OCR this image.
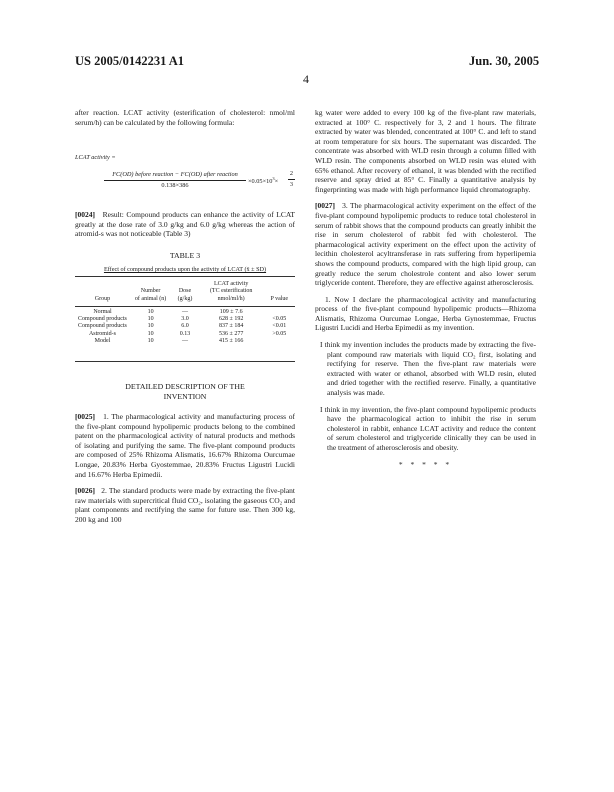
US 2005/0142231 A1	Jun. 30, 2005
4

after reaction. LCAT activity (esterification of cholesterol: nmol/ml serum/h) can be calculated by the following formula:

LCAT activity =
FC(OD) before reaction − FC(OD) after reaction
0.138×386
$\times 0.05\times 10^3\times$
2
3

[0024] Result: Compound products can enhance the activity of LCAT greatly at the dose rate of 3.0 g/kg and 6.0 g/kg whereas the action of atromid-s was not noticeable (Table 3)

TABLE 3
Effect of compound products upon the activity of LCAT (x̄ ± SD)
Group	Number
of animal (n)	Dose
(g/kg)	LCAT activity
(TC esterification
nmol/ml/h)	P value

Normal	10	—	109 ± 7.6	
Compound products	10	3.0	628 ± 192	<0.05
Compound products	10	6.0	837 ± 184	<0.01
Astromid-s	10	0.13	536 ± 277	>0.05
Model	10	—	415 ± 166	

DETAILED DESCRIPTION OF THE

INVENTION

[0025] 1. The pharmacological activity and manufacturing process of the five-plant compound hypolipernic products belong to the combined patent on the pharmacological activity of natural products and methods of isolating and purifying the same. The five-plant compound products are composed of 25% Rhizoma Alismatis, 16.67% Rhizoma Ourcumae Longae, 20.83% Herba Gyostemmae, 20.83% Fructus Ligustri Lucidi and 16.67% Herba Epimedii.

[0026] 2. The standard products were made by extracting the five-plant raw materials with supercritical fluid CO₂, isolating the gaseous CO₂ and plant components and rectifying the same for future use. Then 300 kg, 200 kg and 100

kg water were added to every 100 kg of the five-plant raw materials, extracted at 100° C. respectively for 3, 2 and 1 hours. The filtrate extracted by water was blended, concentrated at 100° C. and left to stand at room temperature for six hours. The supernatant was discarded. The concentrate was absorbed with WLD resin through a column filled with WLD resin. The components absorbed on WLD resin was eluted with 65% ethanol. After recovery of ethanol, it was blended with the rectified reserve and spray dried at 85° C. Finally a quantitative analysis by fingerprinting was made with high performance liquid chromatography.

[0027] 3. The pharmacological activity experiment on the effect of the five-plant compound hypolipemic products to reduce total cholesterol in serum of rabbit shows that the compound products can greatly inhibit the rise in serum cholesterol of rabbit fed with cholesterol. The pharmacological activity experiment on the effect upon the activity of lecithin cholesterol acyltransferase in rats suffering from hyperlipemia shows the compound products, compared with the high lipid group, can greatly reduce the serum cholestrole content and also lower serum triglyceride content. Therefore, they are effective against atherosclerosis.

1. Now I declare the pharmacological activity and manufacturing process of the five-plant compound hypolipemic products—Rhizoma Alismatis, Rhizoma Ourcumae Longae, Herba Gynostemmae, Fructus Ligustri Lucidi and Herba Epimedii as my invention.

I think my invention includes the products made by extracting the five-plant compound raw materials with liquid CO₂ first, isolating and rectifying for reserve. Then the five-plant raw materials were extracted with water or ethanol, absorbed with WLD resin, eluted and dried together with the rectified reserve. Finally, a quantitative analysis was made.

I think in my invention, the five-plant compound hypolipemic products have the pharmacological action to inhibit the rise in serum cholesterol in rabbit, enhance LCAT activity and reduce the content of serum cholesterol and triglyceride clinically they can be used in the treatment of atherosclerosis and obesity.

* * * * *
